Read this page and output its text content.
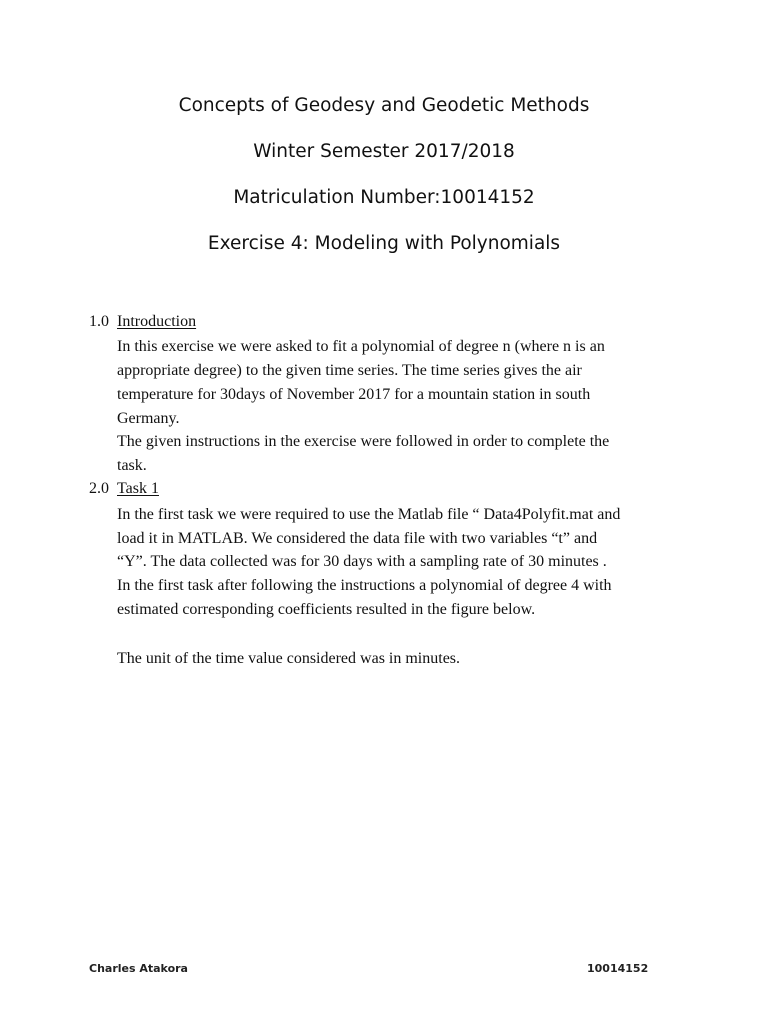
Concepts of Geodesy and Geodetic Methods
Winter Semester 2017/2018
Matriculation Number:10014152
Exercise 4: Modeling with Polynomials
1.0 Introduction
In this exercise we were asked to fit a polynomial of degree n (where n is an
appropriate degree) to the given time series. The time series gives the air
temperature for 30days of November 2017 for a mountain station in south
Germany.
The given instructions in the exercise were followed in order to complete the
task.
2.0 Task 1
In the first task we were required to use the Matlab file “ Data4Polyfit.mat and
load it in MATLAB. We considered the data file with two variables “t” and
“Y”. The data collected was for 30 days with a sampling rate of 30 minutes .
In the first task after following the instructions a polynomial of degree 4 with
estimated corresponding coefficients resulted in the figure below.
The unit of the time value considered was in minutes.
Charles Atakora	10014152
